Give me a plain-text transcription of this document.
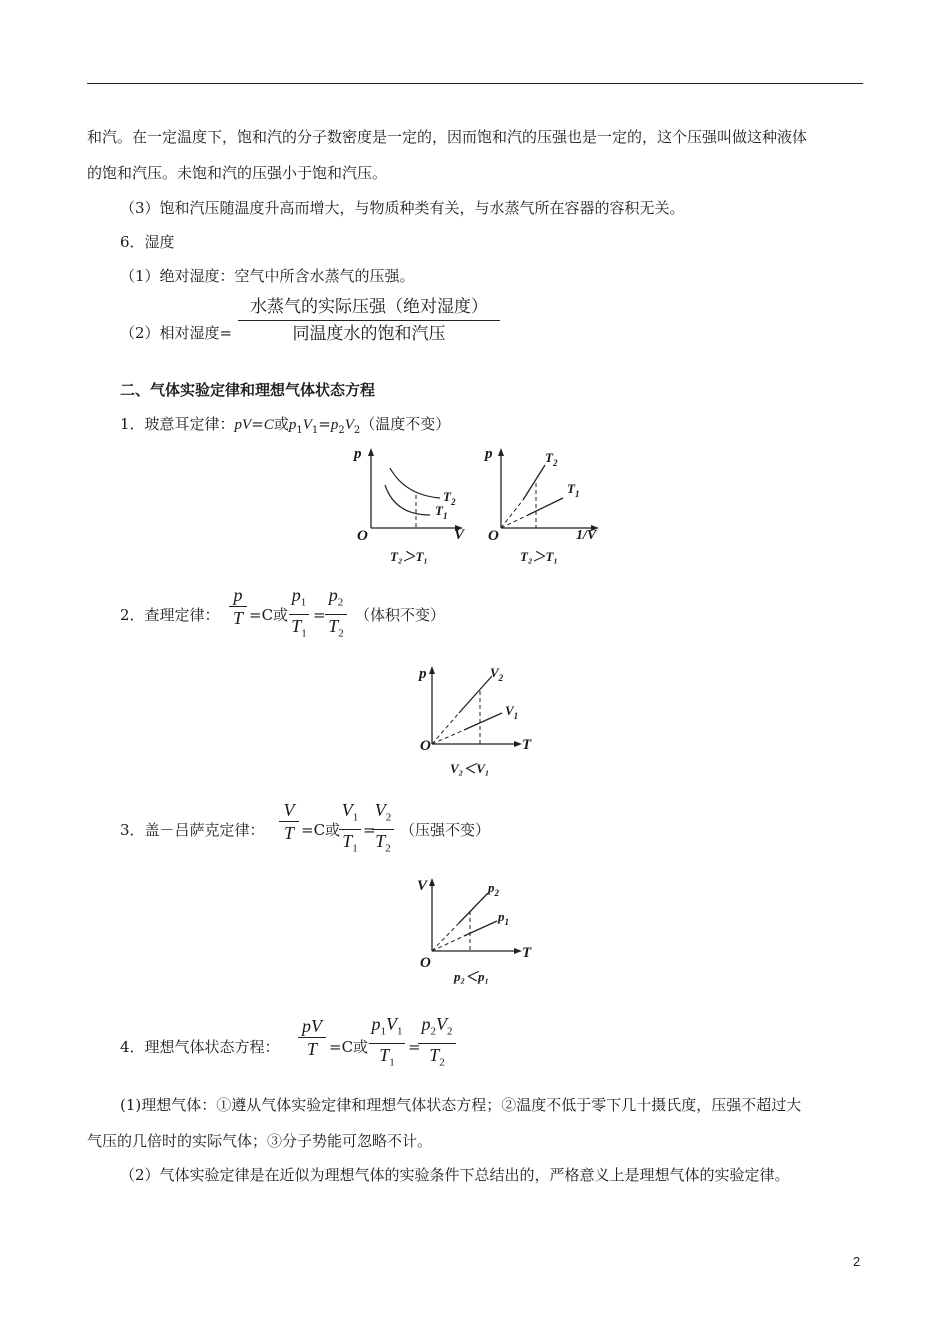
和汽。在一定温度下，饱和汽的分子数密度是一定的，因而饱和汽的压强也是一定的，这个压强叫做这种液体
的饱和汽压。未饱和汽的压强小于饱和汽压。
（3）饱和汽压随温度升高而增大，与物质种类有关，与水蒸气所在容器的容积无关。
6．湿度
（1）绝对湿度：空气中所含水蒸气的压强。
（2）相对湿度=
水蒸气的实际压强（绝对湿度）
同温度水的饱和汽压
二、气体实验定律和理想气体状态方程
1．玻意耳定律：pV=C或$p_1V_1=p_2V_2$（温度不变）
p
V
O
$T_2$
$T_1$
T₂＞T₁
p
1/V
O
$T_2$
$T_1$
T₂＞T₁
2．查理定律：
p
T =C或
$p_1$
$T_1$
=
$p_2$
$T_2$
（体积不变）
p
T
O
$V_2$
$V_1$
V₂＜V₁
3．盖－吕萨克定律：
V
T =C或
$V_1$
$T_1$
=
$V_2$
$T_2$
（压强不变）
V
T
O
$p_2$
$p_1$
p₂＜p₁
4．理想气体状态方程：
pV
T =C或
$p_1V_1$
$T_1$
=
$p_2V_2$
$T_2$
(1)理想气体：①遵从气体实验定律和理想气体状态方程；②温度不低于零下几十摄氏度，压强不超过大
气压的几倍时的实际气体；③分子势能可忽略不计。
（2）气体实验定律是在近似为理想气体的实验条件下总结出的，严格意义上是理想气体的实验定律。
2
